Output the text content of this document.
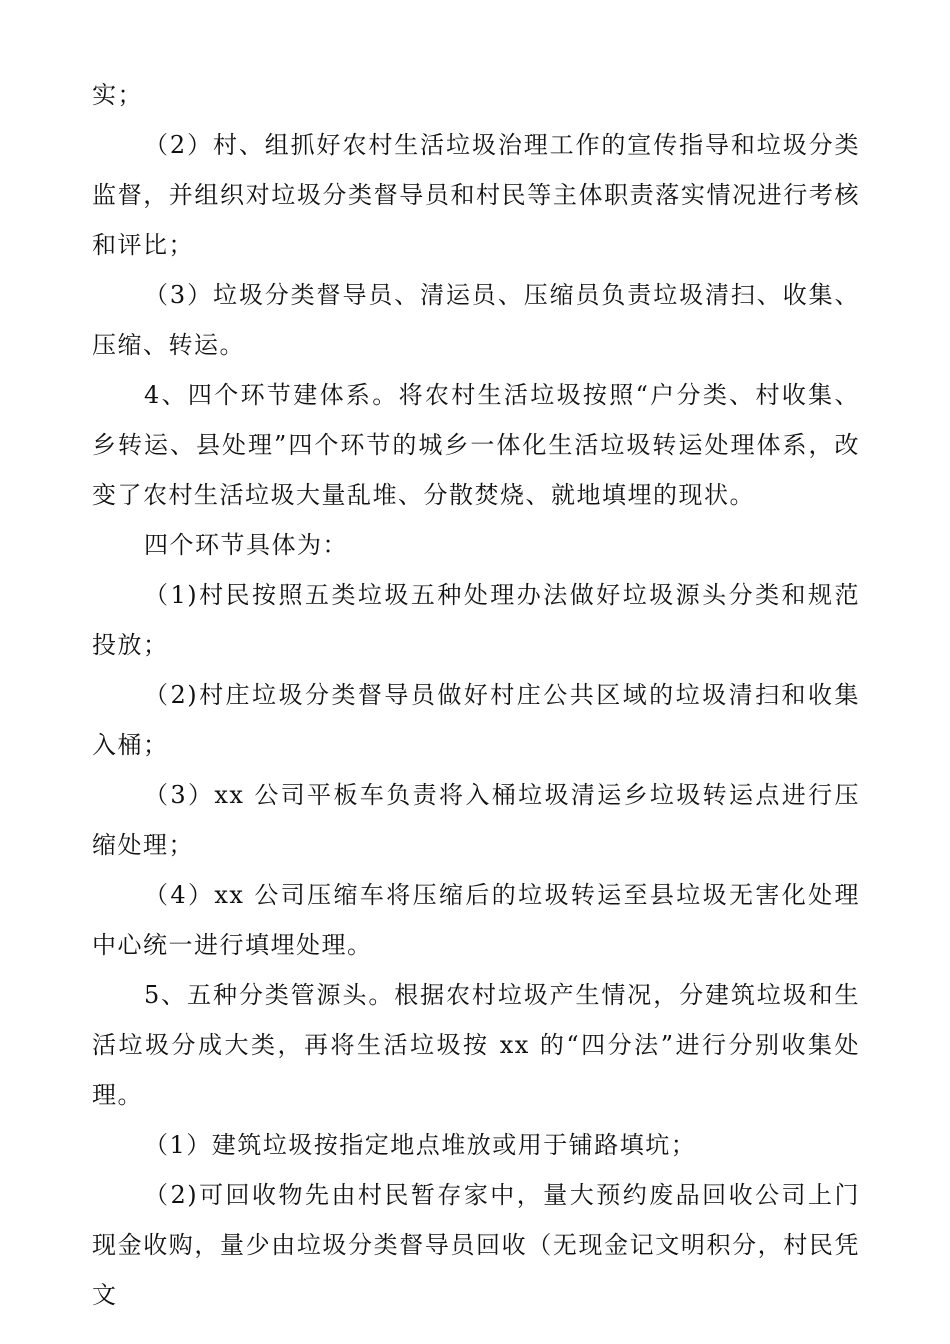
实；

（2）村、组抓好农村生活垃圾治理工作的宣传指导和垃圾分类监督，并组织对垃圾分类督导员和村民等主体职责落实情况进行考核和评比；

（3）垃圾分类督导员、清运员、压缩员负责垃圾清扫、收集、压缩、转运。

4、四个环节建体系。将农村生活垃圾按照“户分类、村收集、乡转运、县处理”四个环节的城乡一体化生活垃圾转运处理体系，改变了农村生活垃圾大量乱堆、分散焚烧、就地填埋的现状。

四个环节具体为：

（1)村民按照五类垃圾五种处理办法做好垃圾源头分类和规范投放；

（2)村庄垃圾分类督导员做好村庄公共区域的垃圾清扫和收集入桶；

（3）xx 公司平板车负责将入桶垃圾清运乡垃圾转运点进行压缩处理；

（4）xx 公司压缩车将压缩后的垃圾转运至县垃圾无害化处理中心统一进行填埋处理。

5、五种分类管源头。根据农村垃圾产生情况，分建筑垃圾和生活垃圾分成大类，再将生活垃圾按 xx 的“四分法”进行分别收集处理。

（1）建筑垃圾按指定地点堆放或用于铺路填坑；

（2)可回收物先由村民暂存家中，量大预约废品回收公司上门现金收购，量少由垃圾分类督导员回收（无现金记文明积分，村民凭文
